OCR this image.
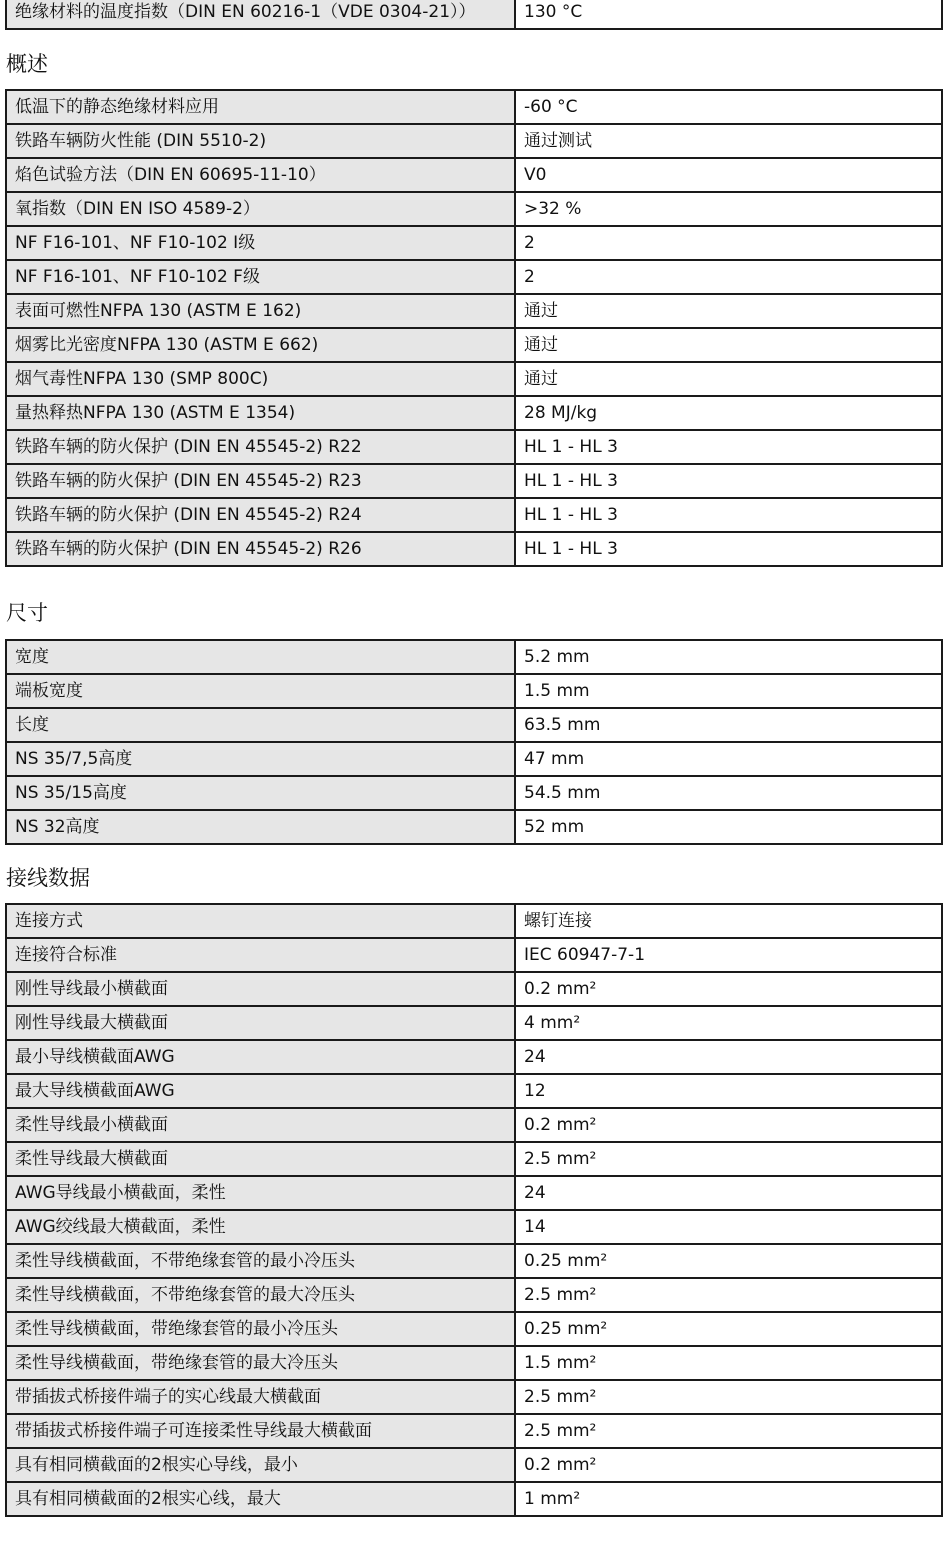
绝缘材料的温度指数（DIN EN 60216-1（VDE 0304-21））	130 °C
概述
低温下的静态绝缘材料应用	-60 °C
铁路车辆防火性能 (DIN 5510-2)	通过测试
焰色试验方法（DIN EN 60695-11-10）	V0
氧指数（DIN EN ISO 4589-2）	>32 %
NF F16-101、NF F10-102 I级	2
NF F16-101、NF F10-102 F级	2
表面可燃性NFPA 130 (ASTM E 162)	通过
烟雾比光密度NFPA 130 (ASTM E 662)	通过
烟气毒性NFPA 130 (SMP 800C)	通过
量热释热NFPA 130 (ASTM E 1354)	28 MJ/kg
铁路车辆的防火保护 (DIN EN 45545-2) R22	HL 1 - HL 3
铁路车辆的防火保护 (DIN EN 45545-2) R23	HL 1 - HL 3
铁路车辆的防火保护 (DIN EN 45545-2) R24	HL 1 - HL 3
铁路车辆的防火保护 (DIN EN 45545-2) R26	HL 1 - HL 3
尺寸
宽度	5.2 mm
端板宽度	1.5 mm
长度	63.5 mm
NS 35/7,5高度	47 mm
NS 35/15高度	54.5 mm
NS 32高度	52 mm
接线数据
连接方式	螺钉连接
连接符合标准	IEC 60947-7-1
刚性导线最小横截面	0.2 mm²
刚性导线最大横截面	4 mm²
最小导线横截面AWG	24
最大导线横截面AWG	12
柔性导线最小横截面	0.2 mm²
柔性导线最大横截面	2.5 mm²
AWG导线最小横截面，柔性	24
AWG绞线最大横截面，柔性	14
柔性导线横截面，不带绝缘套管的最小冷压头	0.25 mm²
柔性导线横截面，不带绝缘套管的最大冷压头	2.5 mm²
柔性导线横截面，带绝缘套管的最小冷压头	0.25 mm²
柔性导线横截面，带绝缘套管的最大冷压头	1.5 mm²
带插拔式桥接件端子的实心线最大横截面	2.5 mm²
带插拔式桥接件端子可连接柔性导线最大横截面	2.5 mm²
具有相同横截面的2根实心导线，最小	0.2 mm²
具有相同横截面的2根实心线，最大	1 mm²
